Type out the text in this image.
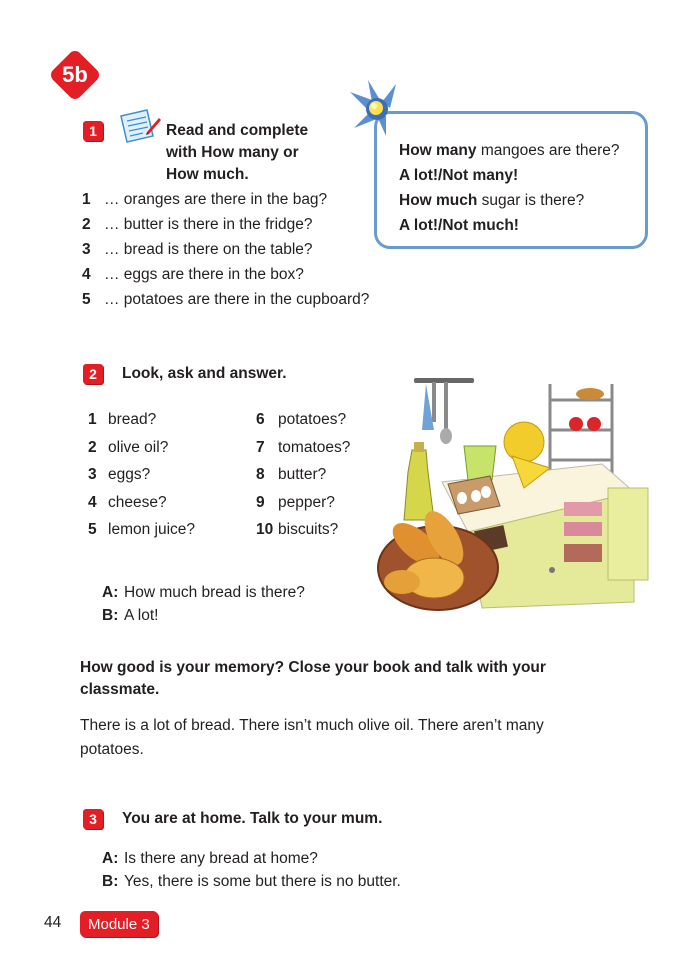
5b
1	Read and complete
with How many or
How much.
1 … oranges are there in the bag?
2 … butter is there in the fridge?
3 … bread is there on the table?
4 … eggs are there in the box?
5 … potatoes are there in the cupboard?
How many mangoes are there?
A lot!/Not many!
How much sugar is there?
A lot!/Not much!
2	Look, ask and answer.
1 bread?
2 olive oil?
3 eggs?
4 cheese?
5 lemon juice?
6 potatoes?
7 tomatoes?
8 butter?
9 pepper?
10 biscuits?
A: How much bread is there?
B: A lot!
How good is your memory? Close your book and talk with your classmate.
There is a lot of bread. There isn’t much olive oil. There aren’t many potatoes.
3	You are at home. Talk to your mum.
A: Is there any bread at home?
B: Yes, there is some but there is no butter.
44	Module 3
